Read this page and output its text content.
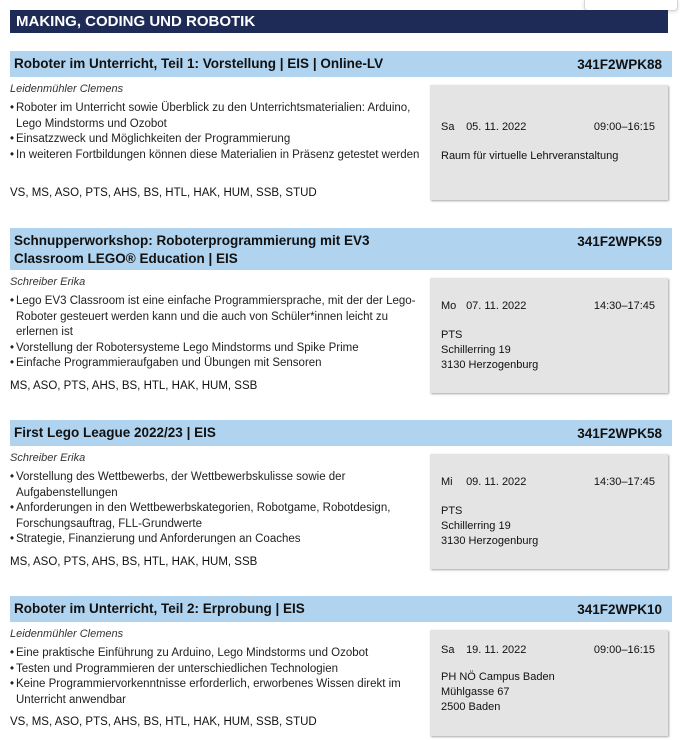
MAKING, CODING UND ROBOTIK
Roboter im Unterricht, Teil 1: Vorstellung | EIS | Online-LV	341F2WPK88
Leidenmühler Clemens
• Roboter im Unterricht sowie Überblick zu den Unterrichtsmaterialien: Arduino, Lego Mindstorms und Ozobot
• Einsatzzweck und Möglichkeiten der Programmierung
• In weiteren Fortbildungen können diese Materialien in Präsenz getestet werden
VS, MS, ASO, PTS, AHS, BS, HTL, HAK, HUM, SSB, STUD
Sa 05. 11. 2022	09:00–16:15
Raum für virtuelle Lehrveranstaltung
Schnupperworkshop: Roboterprogrammierung mit EV3 Classroom LEGO® Education | EIS
341F2WPK59
Schreiber Erika
• Lego EV3 Classroom ist eine einfache Programmiersprache, mit der der Lego-Roboter gesteuert werden kann und die auch von Schüler*innen leicht zu erlernen ist
• Vorstellung der Robotersysteme Lego Mindstorms und Spike Prime
• Einfache Programmieraufgaben und Übungen mit Sensoren
MS, ASO, PTS, AHS, BS, HTL, HAK, HUM, SSB
Mo 07. 11. 2022	14:30–17:45
PTS
Schillerring 19
3130 Herzogenburg
First Lego League 2022/23 | EIS	341F2WPK58
Schreiber Erika
• Vorstellung des Wettbewerbs, der Wettbewerbskulisse sowie der Aufgabenstellungen
• Anforderungen in den Wettbewerbskategorien, Robotgame, Robotdesign, Forschungsauftrag, FLL-Grundwerte
• Strategie, Finanzierung und Anforderungen an Coaches
MS, ASO, PTS, AHS, BS, HTL, HAK, HUM, SSB
Mi 09. 11. 2022	14:30–17:45
PTS
Schillerring 19
3130 Herzogenburg
Roboter im Unterricht, Teil 2: Erprobung | EIS	341F2WPK10
Leidenmühler Clemens
• Eine praktische Einführung zu Arduino, Lego Mindstorms und Ozobot
• Testen und Programmieren der unterschiedlichen Technologien
• Keine Programmiervorkenntnisse erforderlich, erworbenes Wissen direkt im Unterricht anwendbar
VS, MS, ASO, PTS, AHS, BS, HTL, HAK, HUM, SSB, STUD
Sa 19. 11. 2022	09:00–16:15
PH NÖ Campus Baden
Mühlgasse 67
2500 Baden
